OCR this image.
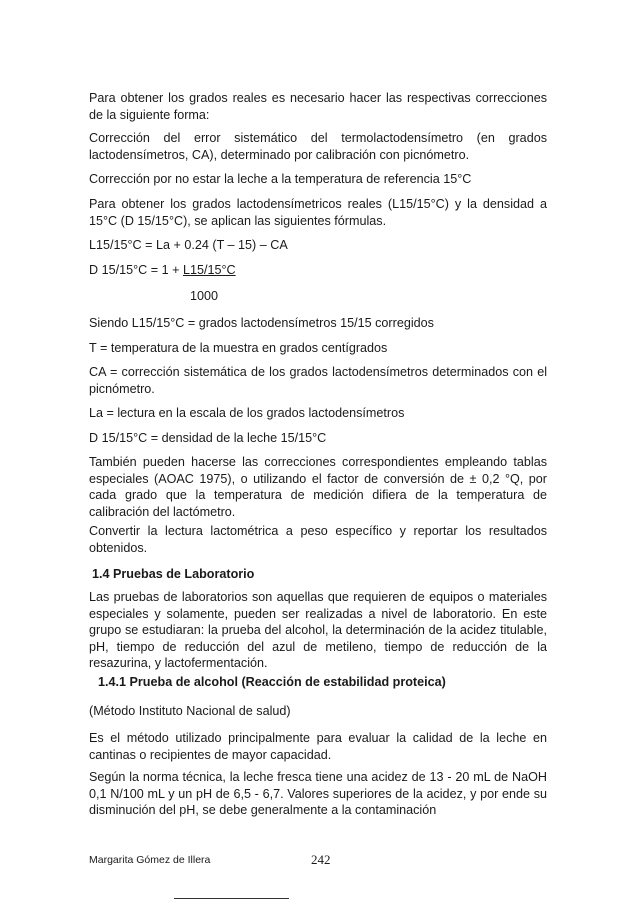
Para obtener los grados reales es necesario hacer las respectivas correcciones de la siguiente forma:

Corrección del error sistemático del termolactodensímetro (en grados lactodensímetros, CA), determinado por calibración con picnómetro.

Corrección por no estar la leche a la temperatura de referencia 15°C

Para obtener los grados lactodensímetricos reales (L15/15°C) y la densidad a 15°C (D 15/15°C), se aplican las siguientes fórmulas.

L15/15°C = La + 0.24 (T – 15) – CA
D 15/15°C = 1 + L15/15°C
1000

Siendo L15/15°C = grados lactodensímetros 15/15 corregidos

T = temperatura de la muestra en grados centígrados

CA = corrección sistemática de los grados lactodensímetros determinados con el picnómetro.

La = lectura en la escala de los grados lactodensímetros

D 15/15°C = densidad de la leche 15/15°C

También pueden hacerse las correcciones correspondientes empleando tablas especiales (AOAC 1975), o utilizando el factor de conversión de ± 0,2 °Q, por cada grado que la temperatura de medición difiera de la temperatura de calibración del lactómetro.

Convertir la lectura lactométrica a peso específico y reportar los resultados obtenidos.

1.4 Pruebas de Laboratorio

Las pruebas de laboratorios son aquellas que requieren de equipos o materiales especiales y solamente, pueden ser realizadas a nivel de laboratorio. En este grupo se estudiaran: la prueba del alcohol, la determinación de la acidez titulable, pH, tiempo de reducción del azul de metileno, tiempo de reducción de la resazurina, y lactofermentación.

1.4.1 Prueba de alcohol (Reacción de estabilidad proteica)

(Método Instituto Nacional de salud)

Es el método utilizado principalmente para evaluar la calidad de la leche en cantinas o recipientes de mayor capacidad.

Según la norma técnica, la leche fresca tiene una acidez de 13 - 20 mL de NaOH 0,1 N/100 mL y un pH de 6,5 - 6,7. Valores superiores de la acidez, y por ende su disminución del pH, se debe generalmente a la contaminación

Margarita Gómez de Illera	242
